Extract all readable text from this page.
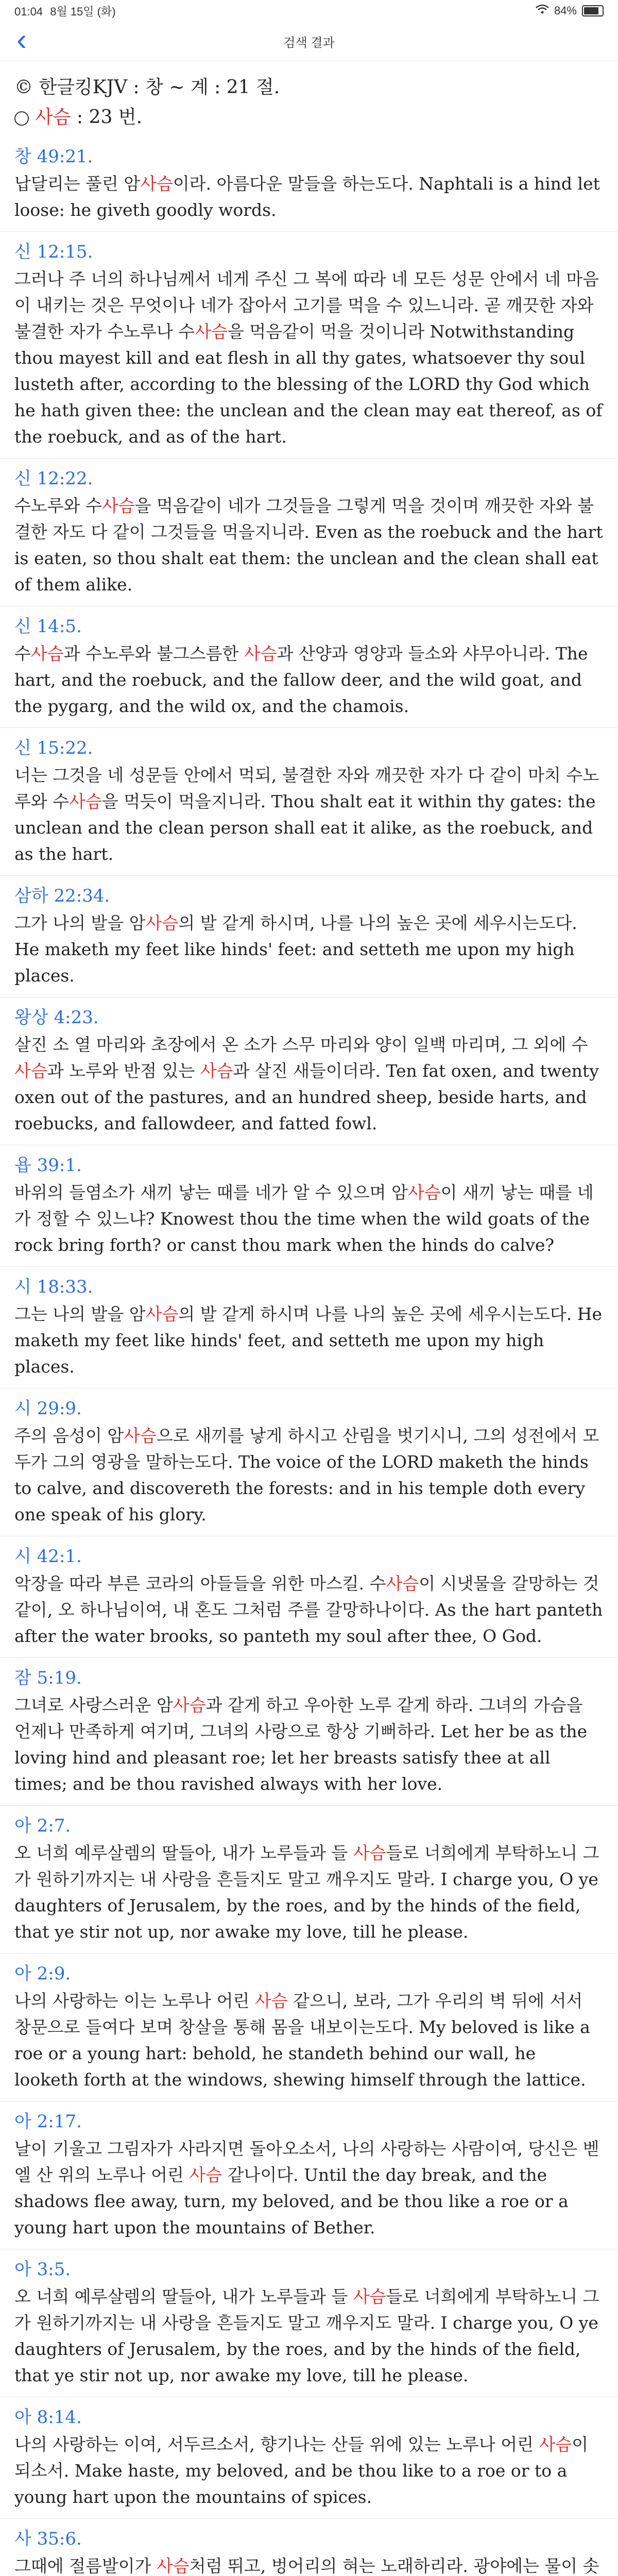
01:04 8월 15일 (화)	84%
‹	검색 결과
© 한글킹KJV : 창 ~ 계 : 21 절.
사슴 : 23 번.
창 49:21.
납달리는 풀린 암사슴이라. 아름다운 말들을 하는도다. Naphtali is a hind let loose: he giveth goodly words.
신 12:15.
그러나 주 너의 하나님께서 네게 주신 그 복에 따라 네 모든 성문 안에서 네 마음이 내키는 것은 무엇이나 네가 잡아서 고기를 먹을 수 있느니라. 곧 깨끗한 자와 불결한 자가 수노루나 수사슴을 먹음같이 먹을 것이니라 Notwithstanding thou mayest kill and eat flesh in all thy gates, whatsoever thy soul lusteth after, according to the blessing of the LORD thy God which he hath given thee: the unclean and the clean may eat thereof, as of the roebuck, and as of the hart.
신 12:22.
수노루와 수사슴을 먹음같이 네가 그것들을 그렇게 먹을 것이며 깨끗한 자와 불결한 자도 다 같이 그것들을 먹을지니라. Even as the roebuck and the hart is eaten, so thou shalt eat them: the unclean and the clean shall eat of them alike.
신 14:5.
수사슴과 수노루와 불그스름한 사슴과 산양과 영양과 들소와 샤무아니라. The hart, and the roebuck, and the fallow deer, and the wild goat, and the pygarg, and the wild ox, and the chamois.
신 15:22.
너는 그것을 네 성문들 안에서 먹되, 불결한 자와 깨끗한 자가 다 같이 마치 수노루와 수사슴을 먹듯이 먹을지니라. Thou shalt eat it within thy gates: the unclean and the clean person shall eat it alike, as the roebuck, and as the hart.
삼하 22:34.
그가 나의 발을 암사슴의 발 같게 하시며, 나를 나의 높은 곳에 세우시는도다. He maketh my feet like hinds' feet: and setteth me upon my high places.
왕상 4:23.
살진 소 열 마리와 초장에서 온 소가 스무 마리와 양이 일백 마리며, 그 외에 수사슴과 노루와 반점 있는 사슴과 살진 새들이더라. Ten fat oxen, and twenty oxen out of the pastures, and an hundred sheep, beside harts, and roebucks, and fallowdeer, and fatted fowl.
욥 39:1.
바위의 들염소가 새끼 낳는 때를 네가 알 수 있으며 암사슴이 새끼 낳는 때를 네가 정할 수 있느냐? Knowest thou the time when the wild goats of the rock bring forth? or canst thou mark when the hinds do calve?
시 18:33.
그는 나의 발을 암사슴의 발 같게 하시며 나를 나의 높은 곳에 세우시는도다. He maketh my feet like hinds' feet, and setteth me upon my high places.
시 29:9.
주의 음성이 암사슴으로 새끼를 낳게 하시고 산림을 벗기시니, 그의 성전에서 모두가 그의 영광을 말하는도다. The voice of the LORD maketh the hinds to calve, and discovereth the forests: and in his temple doth every one speak of his glory.
시 42:1.
악장을 따라 부른 코라의 아들들을 위한 마스킬. 수사슴이 시냇물을 갈망하는 것같이, 오 하나님이여, 내 혼도 그처럼 주를 갈망하나이다. As the hart panteth after the water brooks, so panteth my soul after thee, O God.
잠 5:19.
그녀로 사랑스러운 암사슴과 같게 하고 우아한 노루 같게 하라. 그녀의 가슴을 언제나 만족하게 여기며, 그녀의 사랑으로 항상 기뻐하라. Let her be as the loving hind and pleasant roe; let her breasts satisfy thee at all times; and be thou ravished always with her love.
아 2:7.
오 너희 예루살렘의 딸들아, 내가 노루들과 들 사슴들로 너희에게 부탁하노니 그가 원하기까지는 내 사랑을 흔들지도 말고 깨우지도 말라. I charge you, O ye daughters of Jerusalem, by the roes, and by the hinds of the field, that ye stir not up, nor awake my love, till he please.
아 2:9.
나의 사랑하는 이는 노루나 어린 사슴 같으니, 보라, 그가 우리의 벽 뒤에 서서 창문으로 들여다 보며 창살을 통해 몸을 내보이는도다. My beloved is like a roe or a young hart: behold, he standeth behind our wall, he looketh forth at the windows, shewing himself through the lattice.
아 2:17.
날이 기울고 그림자가 사라지면 돌아오소서, 나의 사랑하는 사람이여, 당신은 벧엘 산 위의 노루나 어린 사슴 같나이다. Until the day break, and the shadows flee away, turn, my beloved, and be thou like a roe or a young hart upon the mountains of Bether.
아 3:5.
오 너희 예루살렘의 딸들아, 내가 노루들과 들 사슴들로 너희에게 부탁하노니 그가 원하기까지는 내 사랑을 흔들지도 말고 깨우지도 말라. I charge you, O ye daughters of Jerusalem, by the roes, and by the hinds of the field, that ye stir not up, nor awake my love, till he please.
아 8:14.
나의 사랑하는 이여, 서두르소서, 향기나는 산들 위에 있는 노루나 어린 사슴이 되소서. Make haste, my beloved, and be thou like to a roe or to a young hart upon the mountains of spices.
사 35:6.
그때에 절름발이가 사슴처럼 뛰고, 벙어리의 혀는 노래하리라. 광야에는 물이 솟
